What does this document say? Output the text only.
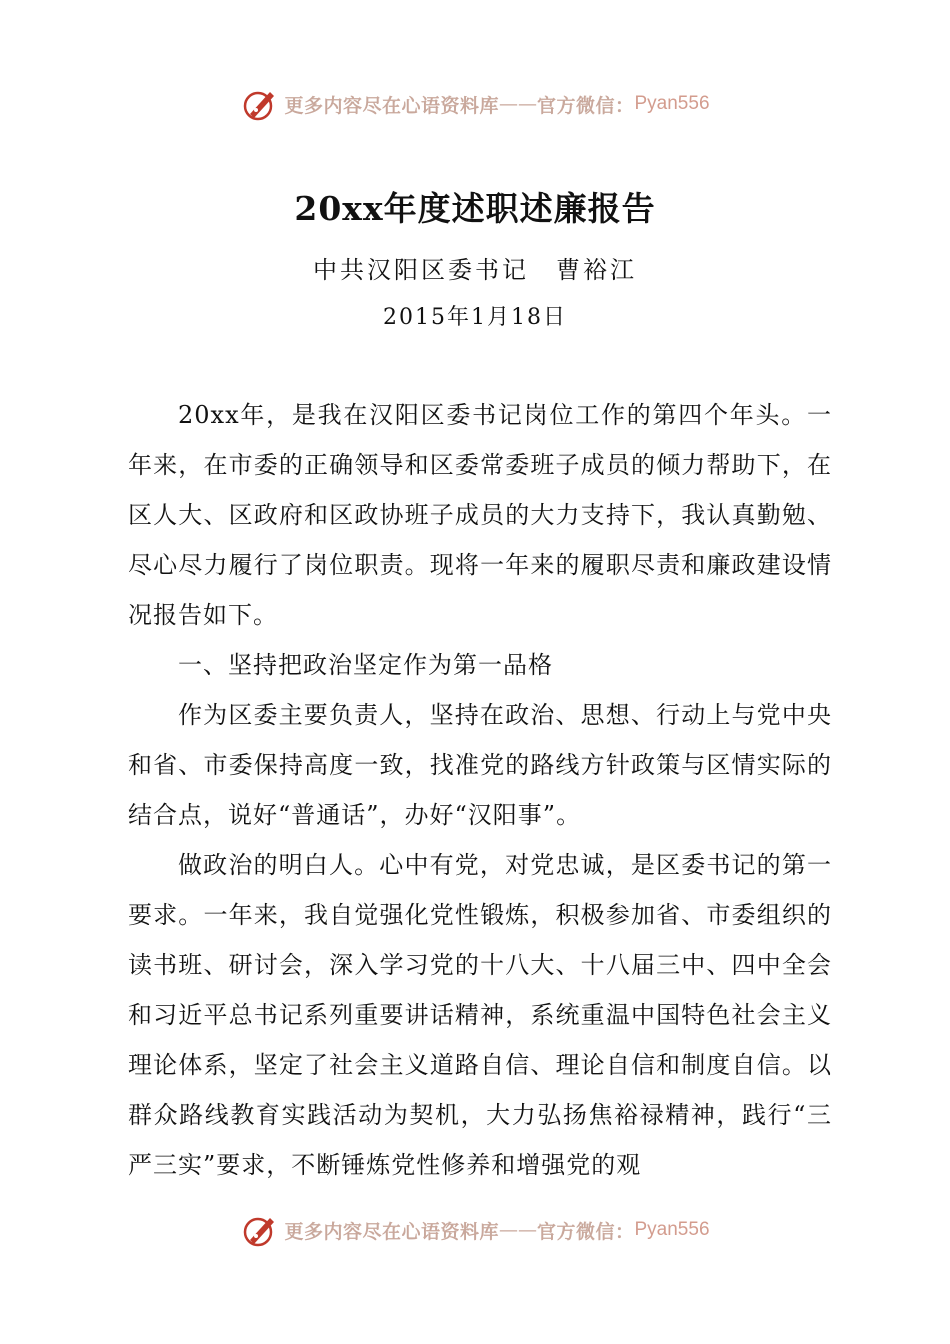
更多内容尽在心语资料库 —— 官方微信： Pyan556
20xx年度述职述廉报告
中共汉阳区委书记　曹裕江
2015年1月18日

20xx年，是我在汉阳区委书记岗位工作的第四个年头。一年来，在市委的正确领导和区委常委班子成员的倾力帮助下，在区人大、区政府和区政协班子成员的大力支持下，我认真勤勉、尽心尽力履行了岗位职责。现将一年来的履职尽责和廉政建设情况报告如下。

一、坚持把政治坚定作为第一品格

作为区委主要负责人，坚持在政治、思想、行动上与党中央和省、市委保持高度一致，找准党的路线方针政策与区情实际的结合点，说好“普通话”，办好“汉阳事”。

做政治的明白人。心中有党，对党忠诚，是区委书记的第一要求。一年来，我自觉强化党性锻炼，积极参加省、市委组织的读书班、研讨会，深入学习党的十八大、十八届三中、四中全会和习近平总书记系列重要讲话精神，系统重温中国特色社会主义理论体系，坚定了社会主义道路自信、理论自信和制度自信。以群众路线教育实践活动为契机，大力弘扬焦裕禄精神，践行“三严三实”要求，不断锤炼党性修养和增强党的观

更多内容尽在心语资料库 —— 官方微信： Pyan556
